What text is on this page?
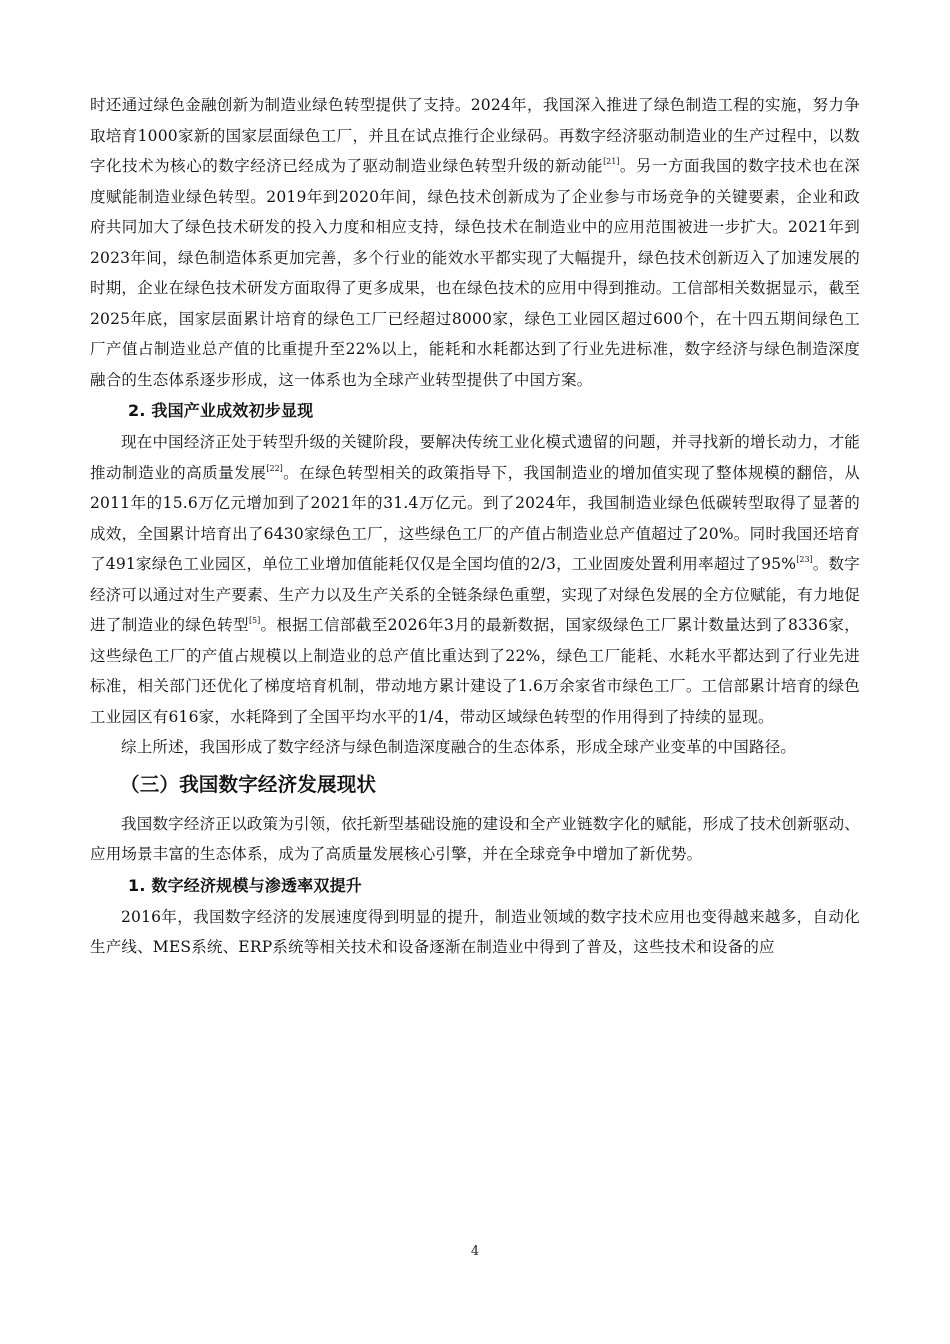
时还通过绿色金融创新为制造业绿色转型提供了支持。2024年，我国深入推进了绿色制造工程的实施，努力争取培育1000家新的国家层面绿色工厂，并且在试点推行企业绿码。再数字经济驱动制造业的生产过程中，以数字化技术为核心的数字经济已经成为了驱动制造业绿色转型升级的新动能[21]。另一方面我国的数字技术也在深度赋能制造业绿色转型。2019年到2020年间，绿色技术创新成为了企业参与市场竞争的关键要素，企业和政府共同加大了绿色技术研发的投入力度和相应支持，绿色技术在制造业中的应用范围被进一步扩大。2021年到2023年间，绿色制造体系更加完善，多个行业的能效水平都实现了大幅提升，绿色技术创新迈入了加速发展的时期，企业在绿色技术研发方面取得了更多成果，也在绿色技术的应用中得到推动。工信部相关数据显示，截至2025年底，国家层面累计培育的绿色工厂已经超过8000家，绿色工业园区超过600个，在十四五期间绿色工厂产值占制造业总产值的比重提升至22%以上，能耗和水耗都达到了行业先进标准，数字经济与绿色制造深度融合的生态体系逐步形成，这一体系也为全球产业转型提供了中国方案。

2. 我国产业成效初步显现

现在中国经济正处于转型升级的关键阶段，要解决传统工业化模式遗留的问题，并寻找新的增长动力，才能推动制造业的高质量发展[22]。在绿色转型相关的政策指导下，我国制造业的增加值实现了整体规模的翻倍，从2011年的15.6万亿元增加到了2021年的31.4万亿元。到了2024年，我国制造业绿色低碳转型取得了显著的成效，全国累计培育出了6430家绿色工厂，这些绿色工厂的产值占制造业总产值超过了20%。同时我国还培育了491家绿色工业园区，单位工业增加值能耗仅仅是全国均值的2/3，工业固废处置利用率超过了95%[23]。数字经济可以通过对生产要素、生产力以及生产关系的全链条绿色重塑，实现了对绿色发展的全方位赋能，有力地促进了制造业的绿色转型[5]。根据工信部截至2026年3月的最新数据，国家级绿色工厂累计数量达到了8336家，这些绿色工厂的产值占规模以上制造业的总产值比重达到了22%，绿色工厂能耗、水耗水平都达到了行业先进标准，相关部门还优化了梯度培育机制，带动地方累计建设了1.6万余家省市绿色工厂。工信部累计培育的绿色工业园区有616家，水耗降到了全国平均水平的1/4，带动区域绿色转型的作用得到了持续的显现。

综上所述，我国形成了数字经济与绿色制造深度融合的生态体系，形成全球产业变革的中国路径。

（三）我国数字经济发展现状

我国数字经济正以政策为引领，依托新型基础设施的建设和全产业链数字化的赋能，形成了技术创新驱动、应用场景丰富的生态体系，成为了高质量发展核心引擎，并在全球竞争中增加了新优势。

1. 数字经济规模与渗透率双提升

2016年，我国数字经济的发展速度得到明显的提升，制造业领域的数字技术应用也变得越来越多，自动化生产线、MES系统、ERP系统等相关技术和设备逐渐在制造业中得到了普及，这些技术和设备的应

4
